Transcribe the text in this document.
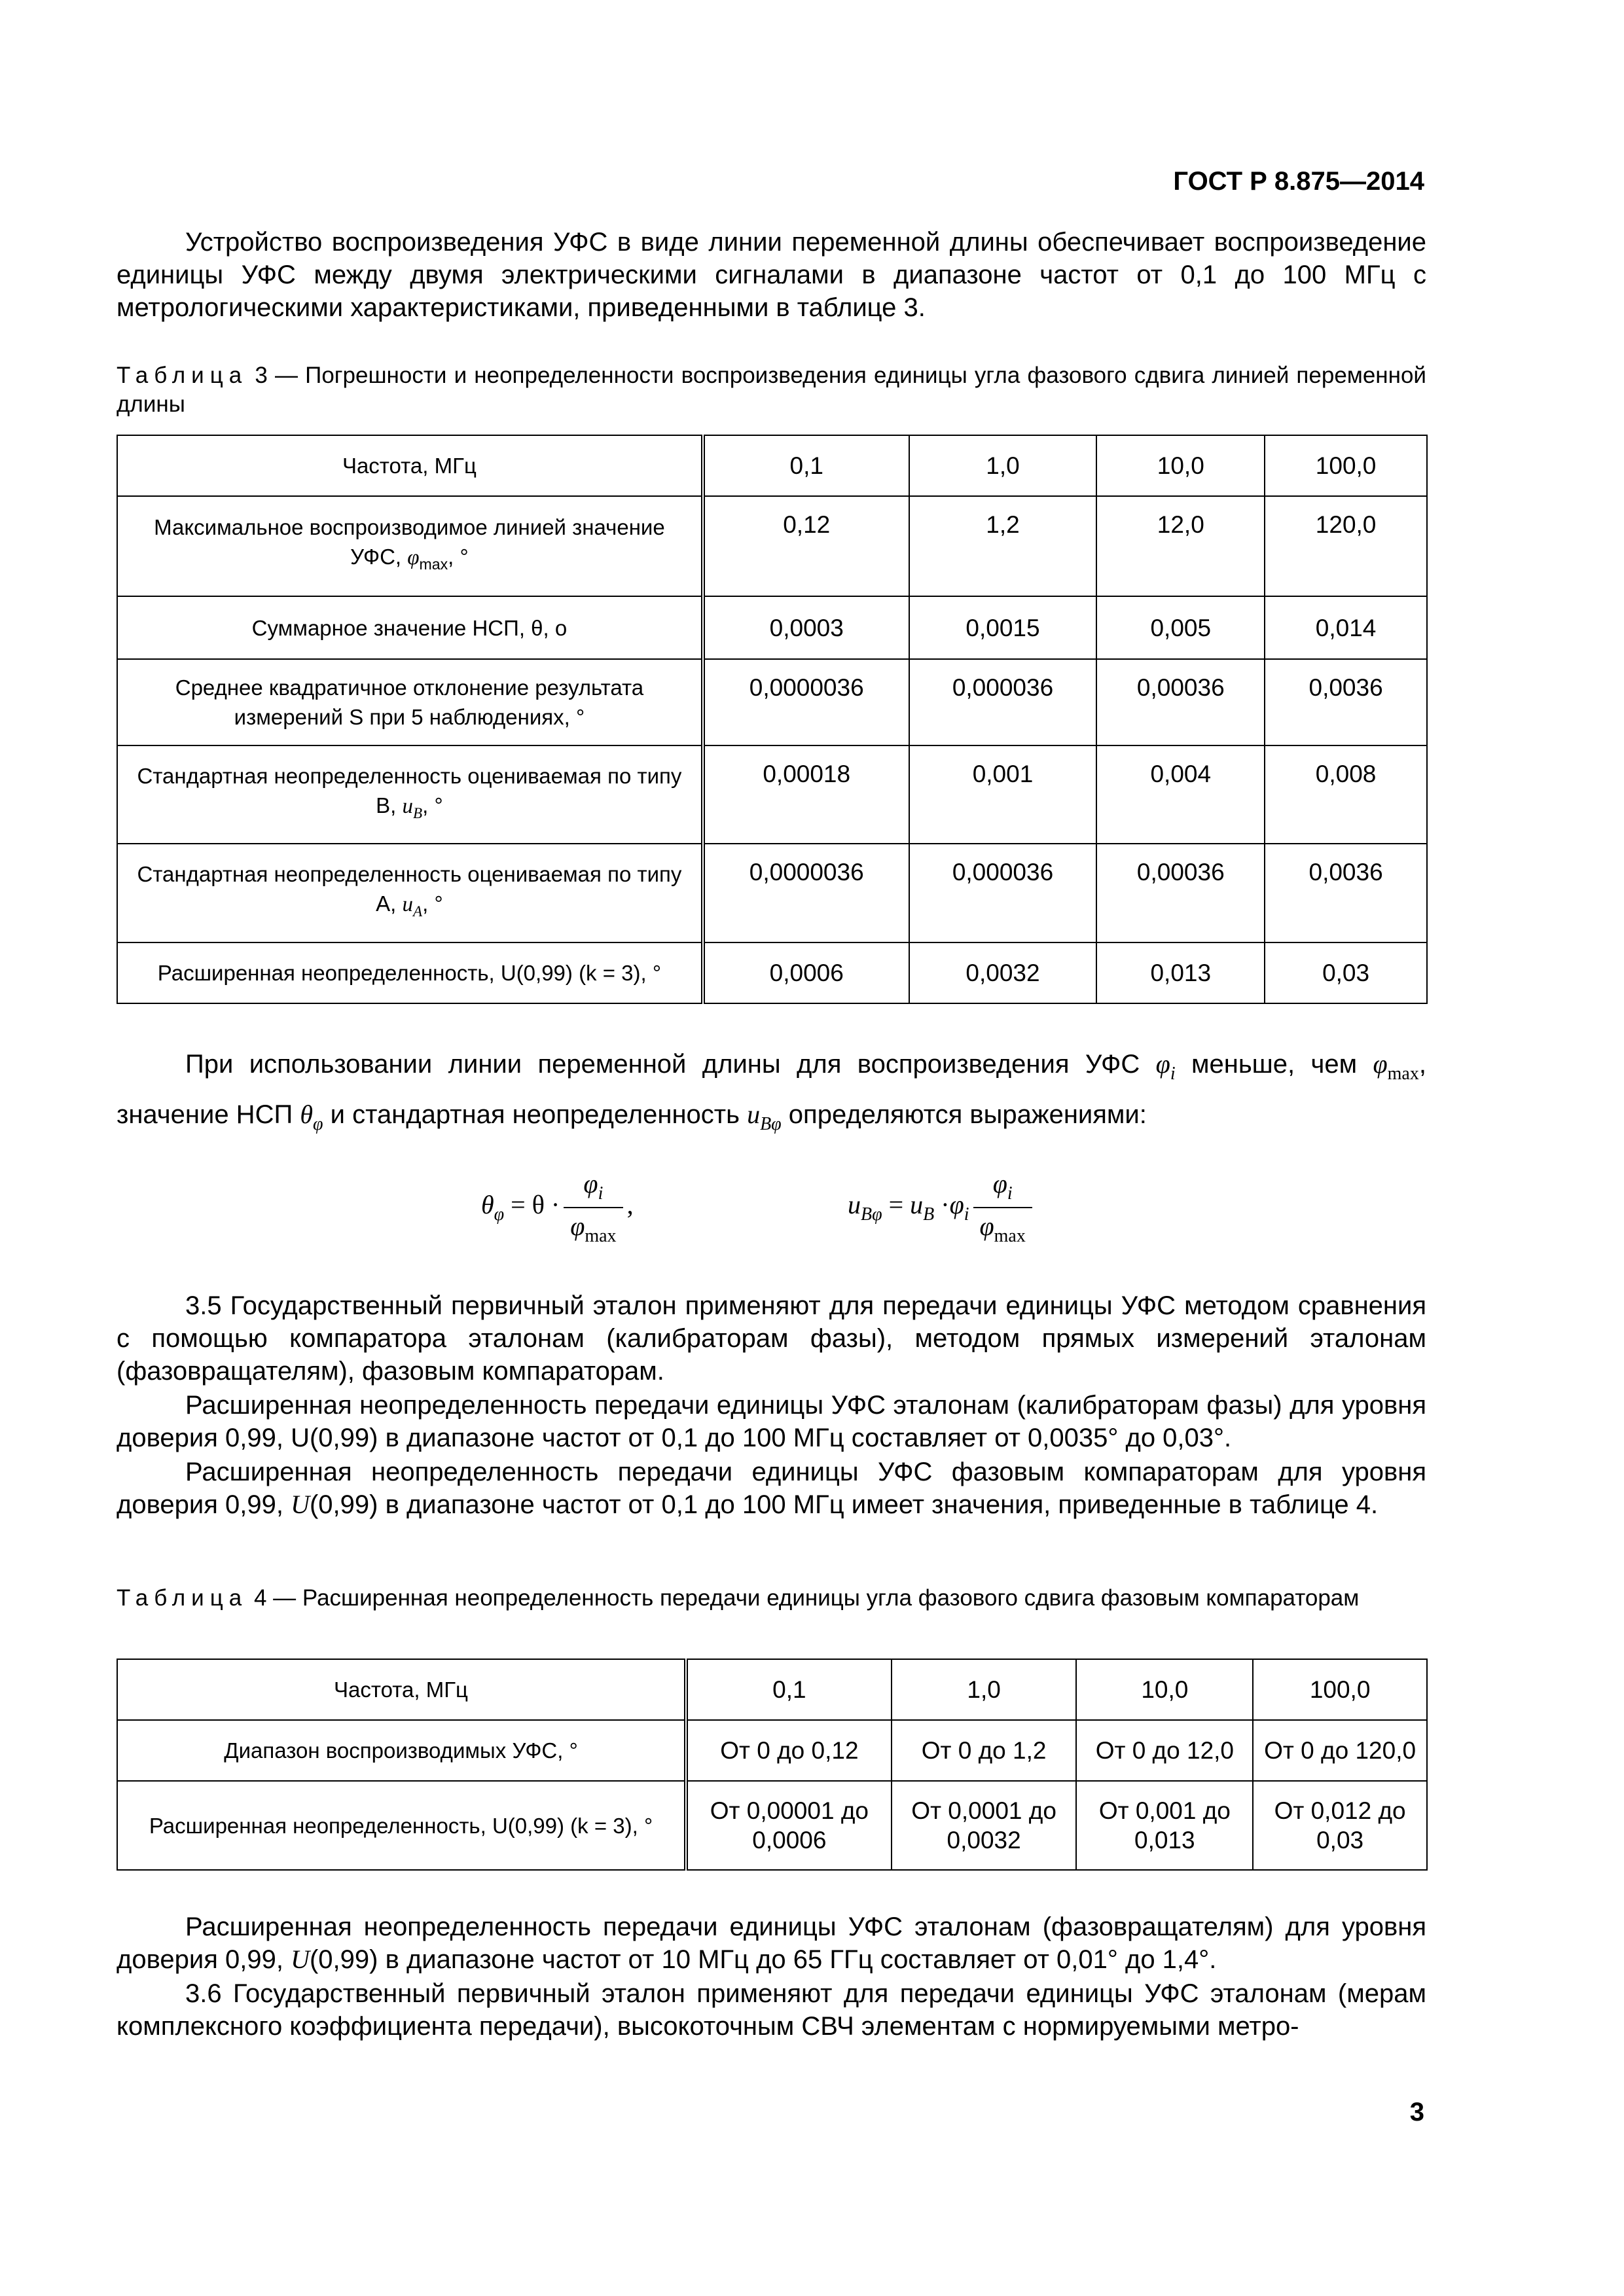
ГОСТ Р 8.875—2014

Устройство воспроизведения УФС в виде линии переменной длины обеспечивает воспроизведение единицы УФС между двумя электрическими сигналами в диапазоне частот от 0,1 до 100 МГц с метрологическими характеристиками, приведенными в таблице 3.

Таблица 3 — Погрешности и неопределенности воспроизведения единицы угла фазового сдвига линией переменной длины

Частота, МГц	0,1	1,0	10,0	100,0
Максимальное воспроизводимое линией значение УФС, $\varphi_{max}$, °	0,12	1,2	12,0	120,0
Суммарное значение НСП, θ, о	0,0003	0,0015	0,005	0,014
Среднее квадратичное отклонение результата измерений S при 5 наблюдениях, °	0,0000036	0,000036	0,00036	0,0036
Стандартная неопределенность оцениваемая по типу В, $u_B$, °	0,00018	0,001	0,004	0,008
Стандартная неопределенность оцениваемая по типу А, $u_A$, °	0,0000036	0,000036	0,00036	0,0036
Расширенная неопределенность, U(0,99) (k = 3), °	0,0006	0,0032	0,013	0,03

При использовании линии переменной длины для воспроизведения УФС $\varphi_i$ меньше, чем $\varphi_{max}$, значение НСП $\theta_\varphi$ и стандартная неопределенность $u_{B\varphi}$ определяются выражениями:

$\theta_\varphi = \theta \cdot \frac{\varphi_i}{\varphi_{max}}$ ,	$u_{B\varphi} = u_B \cdot\varphi_i \frac{\varphi_i}{\varphi_{max}}$

3.5 Государственный первичный эталон применяют для передачи единицы УФС методом сравнения с помощью компаратора эталонам (калибраторам фазы), методом прямых измерений эталонам (фазовращателям), фазовым компараторам.

Расширенная неопределенность передачи единицы УФС эталонам (калибраторам фазы) для уровня доверия 0,99, U(0,99) в диапазоне частот от 0,1 до 100 МГц составляет от 0,0035° до 0,03°.

Расширенная неопределенность передачи единицы УФС фазовым компараторам для уровня доверия 0,99, U(0,99) в диапазоне частот от 0,1 до 100 МГц имеет значения, приведенные в таблице 4.

Таблица 4 — Расширенная неопределенность передачи единицы угла фазового сдвига фазовым компараторам

Частота, МГц	0,1	1,0	10,0	100,0
Диапазон воспроизводимых УФС, °	От 0 до 0,12	От 0 до 1,2	От 0 до 12,0	От 0 до 120,0
Расширенная неопределенность, U(0,99) (k = 3), °	От 0,00001 до 0,0006	От 0,0001 до 0,0032	От 0,001 до 0,013	От 0,012 до 0,03

Расширенная неопределенность передачи единицы УФС эталонам (фазовращателям) для уровня доверия 0,99, U(0,99) в диапазоне частот от 10 МГц до 65 ГГц составляет от 0,01° до 1,4°.

3.6 Государственный первичный эталон применяют для передачи единицы УФС эталонам (мерам комплексного коэффициента передачи), высокоточным СВЧ элементам с нормируемыми метро-

3
